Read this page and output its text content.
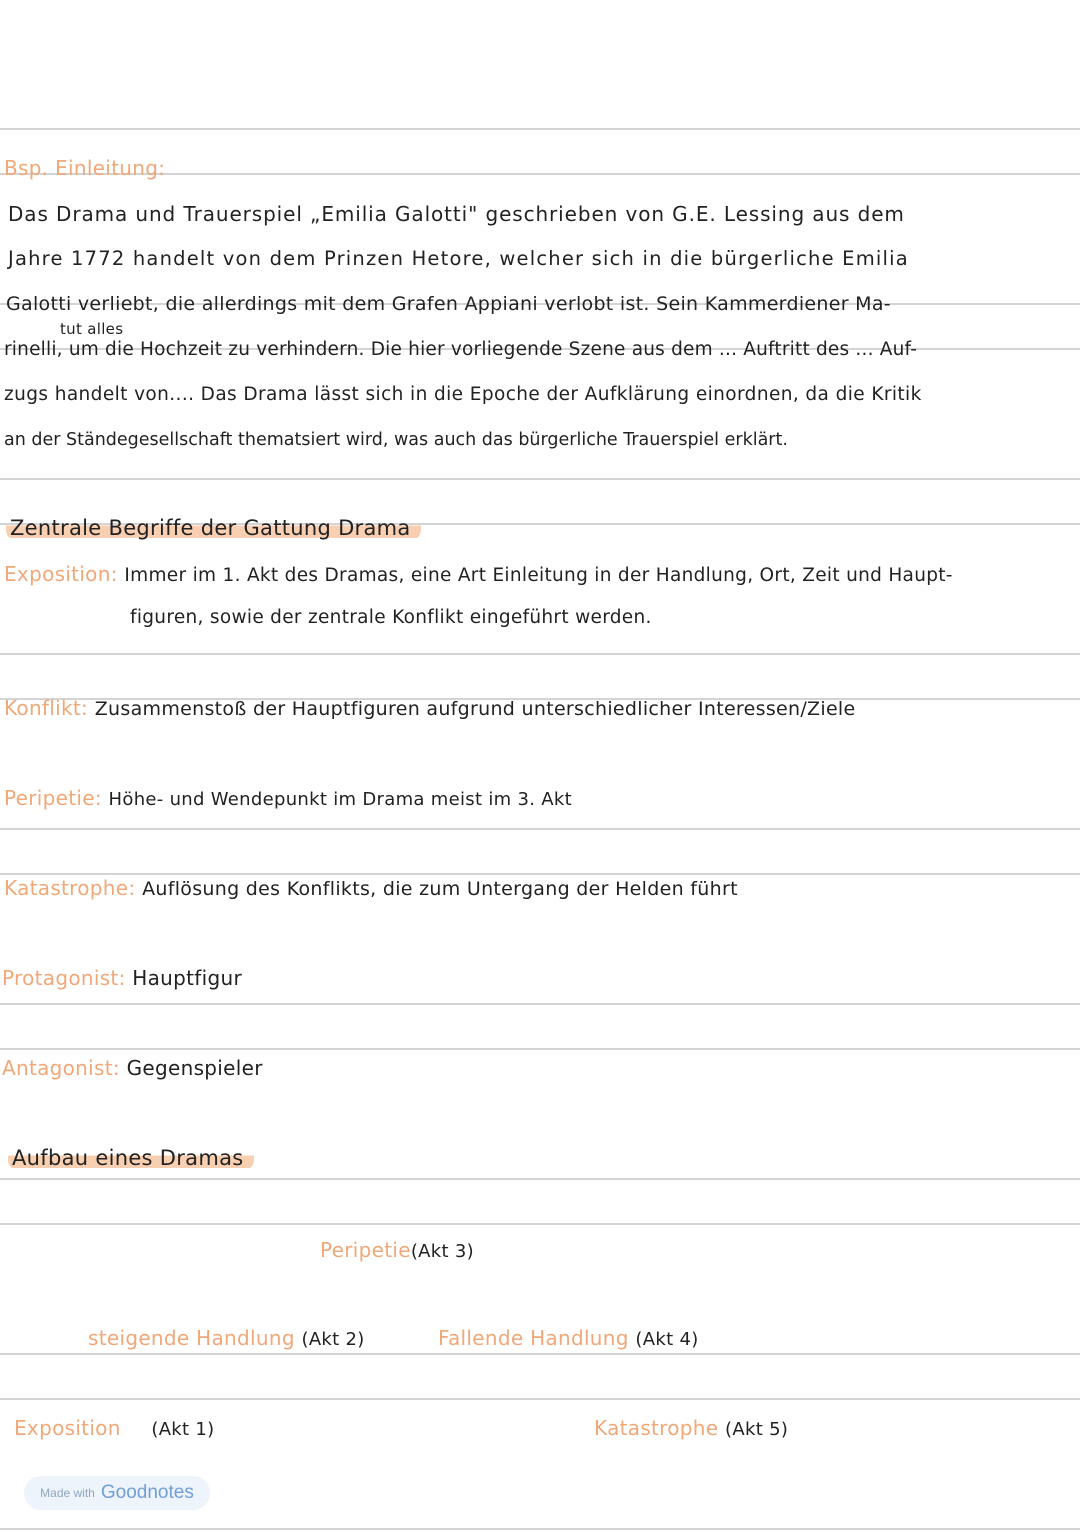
Bsp. Einleitung:
Das Drama und Trauerspiel „Emilia Galotti" geschrieben von G.E. Lessing aus dem
Jahre 1772 handelt von dem Prinzen Hetore, welcher sich in die bürgerliche Emilia
Galotti verliebt, die allerdings mit dem Grafen Appiani verlobt ist. Sein Kammerdiener Ma-
tut alles
rinelli, um die Hochzeit zu verhindern. Die hier vorliegende Szene aus dem ... Auftritt des ... Auf-
zugs handelt von.... Das Drama lässt sich in die Epoche der Aufklärung einordnen, da die Kritik
an der Ständegesellschaft thematsiert wird, was auch das bürgerliche Trauerspiel erklärt.
Zentrale Begriffe der Gattung Drama
Exposition: Immer im 1. Akt des Dramas, eine Art Einleitung in der Handlung, Ort, Zeit und Haupt-
figuren, sowie der zentrale Konflikt eingeführt werden.
Konflikt: Zusammenstoß der Hauptfiguren aufgrund unterschiedlicher Interessen/Ziele
Peripetie: Höhe- und Wendepunkt im Drama meist im 3. Akt
Katastrophe: Auflösung des Konflikts, die zum Untergang der Helden führt
Protagonist: Hauptfigur
Antagonist: Gegenspieler
Aufbau eines Dramas
Peripetie(Akt 3)
steigende Handlung (Akt 2)	Fallende Handlung (Akt 4)
Exposition (Akt 1)	Katastrophe (Akt 5)
Made with Goodnotes
